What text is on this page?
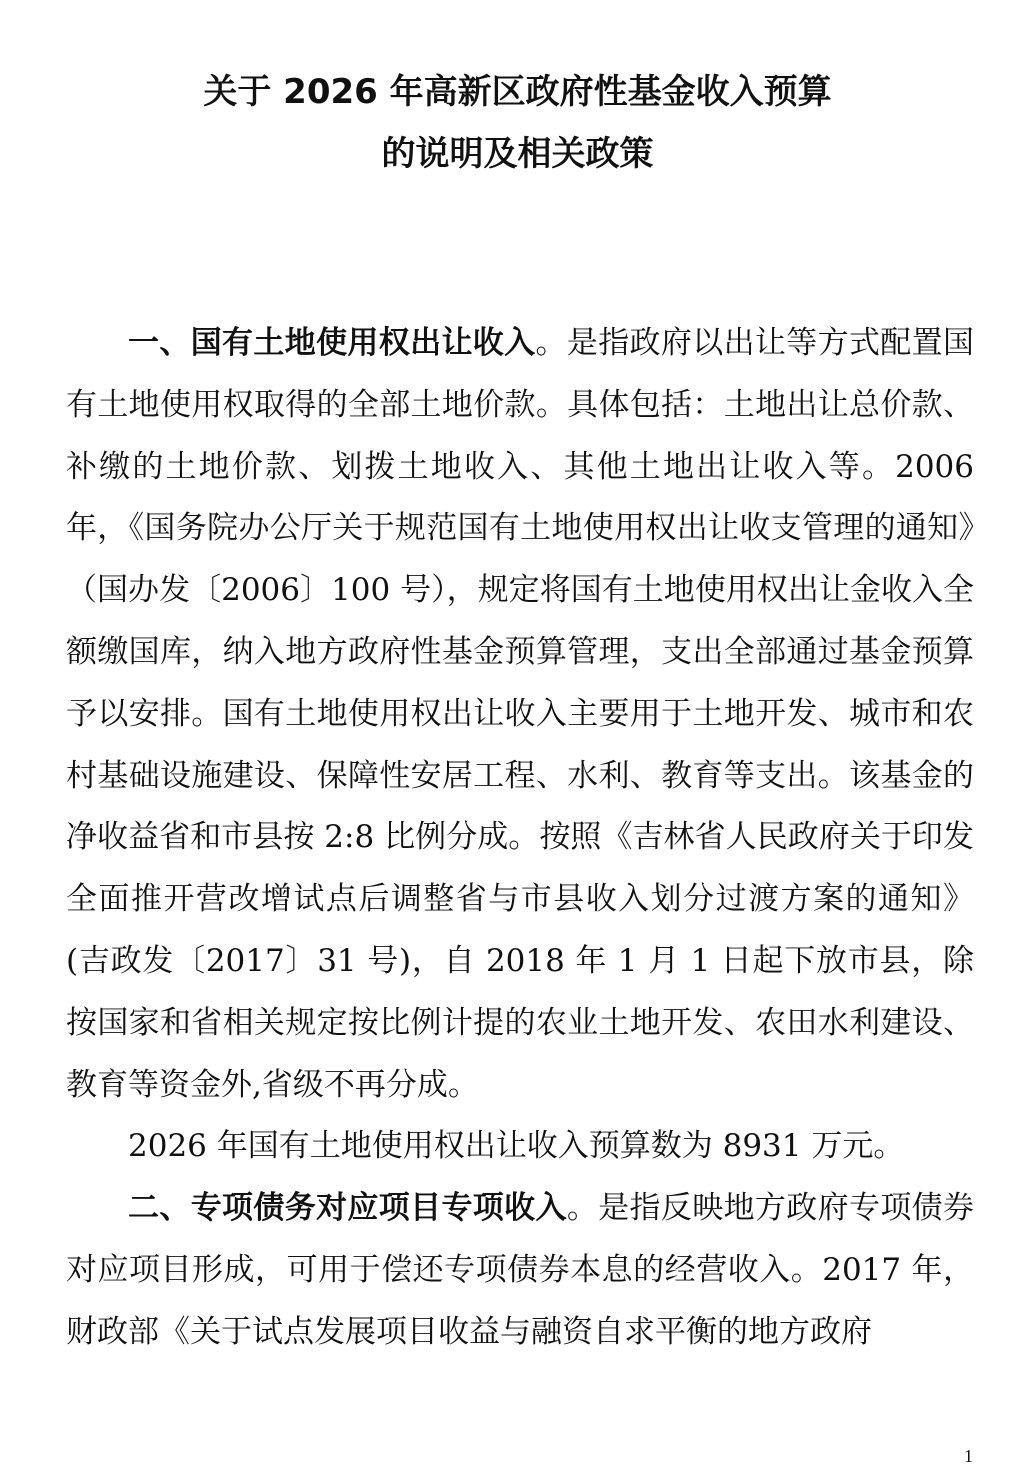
关于 2026 年高新区政府性基金收入预算
的说明及相关政策

一、国有土地使用权出让收入。是指政府以出让等方式配置国有土地使用权取得的全部土地价款。具体包括：土地出让总价款、补缴的土地价款、划拨土地收入、其他土地出让收入等。2006 年，《国务院办公厅关于规范国有土地使用权出让收支管理的通知》（国办发〔2006〕100 号），规定将国有土地使用权出让金收入全额缴国库，纳入地方政府性基金预算管理，支出全部通过基金预算予以安排。国有土地使用权出让收入主要用于土地开发、城市和农村基础设施建设、保障性安居工程、水利、教育等支出。该基金的净收益省和市县按 2:8 比例分成。按照《吉林省人民政府关于印发全面推开营改增试点后调整省与市县收入划分过渡方案的通知》(吉政发〔2017〕31 号)，自 2018 年 1 月 1 日起下放市县，除按国家和省相关规定按比例计提的农业土地开发、农田水利建设、教育等资金外,省级不再分成。

2026 年国有土地使用权出让收入预算数为 8931 万元。

二、专项债务对应项目专项收入。是指反映地方政府专项债券对应项目形成，可用于偿还专项债券本息的经营收入。2017 年，财政部《关于试点发展项目收益与融资自求平衡的地方政府

1
